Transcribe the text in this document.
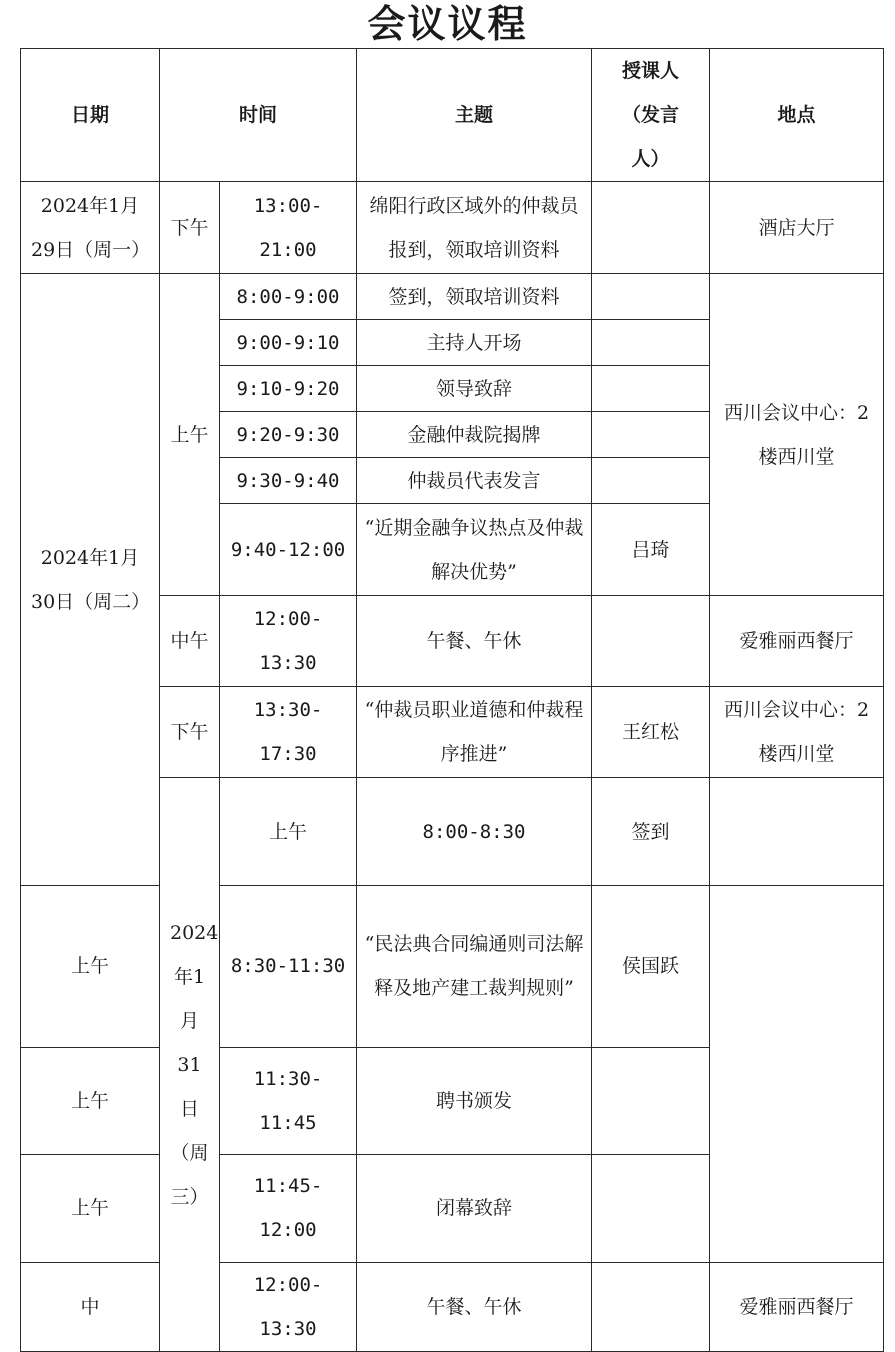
会议议程
日期	时间		主题	授课人（发言人）	地点	
2024年1月29日（周一）	下午	13:00-21:00	绵阳行政区域外的仲裁员报到，领取培训资料		酒店大厅	
2024年1月30日（周二）	上午	8:00-9:00	签到，领取培训资料		西川会议中心：2楼西川堂	
		9:00-9:10	主持人开场			
		9:10-9:20	领导致辞			
		9:20-9:30	金融仲裁院揭牌			
		9:30-9:40	仲裁员代表发言			
		9:40-12:00	“近期金融争议热点及仲裁解决优势”	吕琦		
	中午	12:00-13:30	午餐、午休		爱雅丽西餐厅	
	下午	13:30-17:30	“仲裁员职业道德和仲裁程序推进”	王红松	西川会议中心：2楼西川堂	
	2024年1月31日（周三）	上午	8:00-8:30	签到		
上午		8:30-11:30	“民法典合同编通则司法解释及地产建工裁判规则”	侯国跃		
上午		11:30-11:45	聘书颁发			
上午		11:45-12:00	闭幕致辞			
中		12:00-13:30	午餐、午休		爱雅丽西餐厅	
